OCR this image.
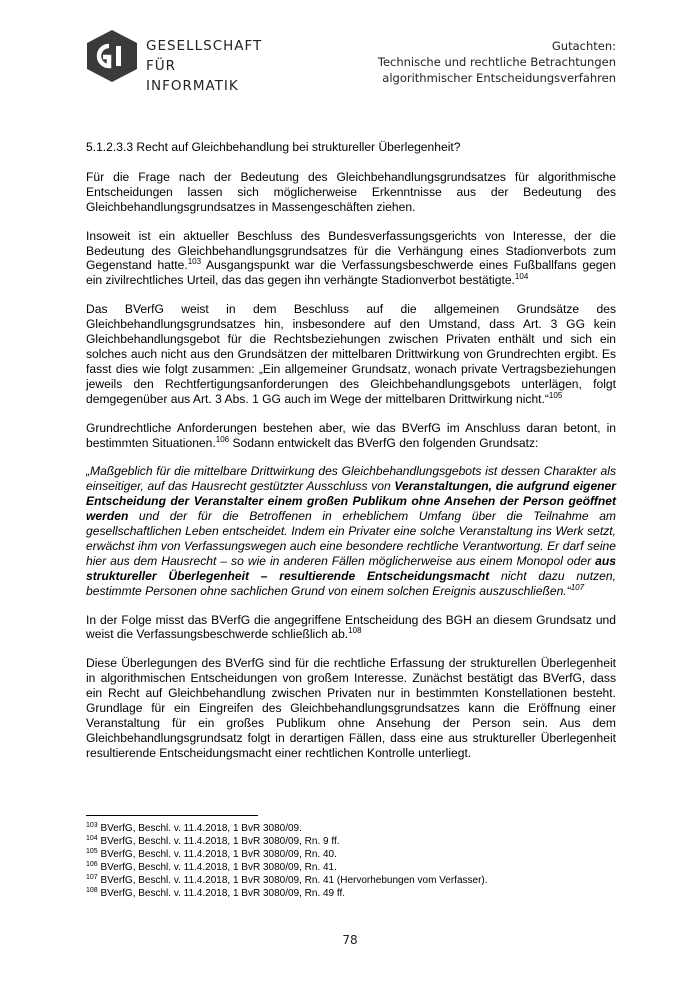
GESELLSCHAFT
FÜR INFORMATIK
Gutachten:
Technische und rechtliche Betrachtungen
algorithmischer Entscheidungsverfahren
5.1.2.3.3 Recht auf Gleichbehandlung bei struktureller Überlegenheit?

Für die Frage nach der Bedeutung des Gleichbehandlungsgrundsatzes für algorithmische Entscheidungen lassen sich möglicherweise Erkenntnisse aus der Bedeutung des Gleichbehandlungsgrundsatzes in Massengeschäften ziehen.

Insoweit ist ein aktueller Beschluss des Bundesverfassungsgerichts von Interesse, der die Bedeutung des Gleichbehandlungsgrundsatzes für die Verhängung eines Stadionverbots zum Gegenstand hatte.$^{103}$ Ausgangspunkt war die Verfassungsbeschwerde eines Fußballfans gegen ein zivilrechtliches Urteil, das das gegen ihn verhängte Stadionverbot bestätigte.$^{104}$

Das BVerfG weist in dem Beschluss auf die allgemeinen Grundsätze des Gleichbehandlungsgrundsatzes hin, insbesondere auf den Umstand, dass Art. 3 GG kein Gleichbehandlungsgebot für die Rechtsbeziehungen zwischen Privaten enthält und sich ein solches auch nicht aus den Grundsätzen der mittelbaren Drittwirkung von Grundrechten ergibt. Es fasst dies wie folgt zusammen: „Ein allgemeiner Grundsatz, wonach private Vertragsbeziehungen jeweils den Rechtfertigungsanforderungen des Gleichbehandlungsgebots unterlägen, folgt demgegenüber aus Art. 3 Abs. 1 GG auch im Wege der mittelbaren Drittwirkung nicht.“$^{105}$

Grundrechtliche Anforderungen bestehen aber, wie das BVerfG im Anschluss daran betont, in bestimmten Situationen.$^{106}$ Sodann entwickelt das BVerfG den folgenden Grundsatz:

„Maßgeblich für die mittelbare Drittwirkung des Gleichbehandlungsgebots ist dessen Charakter als einseitiger, auf das Hausrecht gestützter Ausschluss von Veranstaltungen, die aufgrund eigener Entscheidung der Veranstalter einem großen Publikum ohne Ansehen der Person geöffnet werden und der für die Betroffenen in erheblichem Umfang über die Teilnahme am gesellschaftlichen Leben entscheidet. Indem ein Privater eine solche Veranstaltung ins Werk setzt, erwächst ihm von Verfassungswegen auch eine besondere rechtliche Verantwortung. Er darf seine hier aus dem Hausrecht – so wie in anderen Fällen möglicherweise aus einem Monopol oder aus struktureller Überlegenheit – resultierende Entscheidungsmacht nicht dazu nutzen, bestimmte Personen ohne sachlichen Grund von einem solchen Ereignis auszuschließen.“$^{107}$

In der Folge misst das BVerfG die angegriffene Entscheidung des BGH an diesem Grundsatz und weist die Verfassungsbeschwerde schließlich ab.$^{108}$

Diese Überlegungen des BVerfG sind für die rechtliche Erfassung der strukturellen Überlegenheit in algorithmischen Entscheidungen von großem Interesse. Zunächst bestätigt das BVerfG, dass ein Recht auf Gleichbehandlung zwischen Privaten nur in bestimmten Konstellationen besteht. Grundlage für ein Eingreifen des Gleichbehandlungsgrundsatzes kann die Eröffnung einer Veranstaltung für ein großes Publikum ohne Ansehung der Person sein. Aus dem Gleichbehandlungsgrundsatz folgt in derartigen Fällen, dass eine aus struktureller Überlegenheit resultierende Entscheidungsmacht einer rechtlichen Kontrolle unterliegt.

$^{103}$ BVerfG, Beschl. v. 11.4.2018, 1 BvR 3080/09.
$^{104}$ BVerfG, Beschl. v. 11.4.2018, 1 BvR 3080/09, Rn. 9 ff.
$^{105}$ BVerfG, Beschl. v. 11.4.2018, 1 BvR 3080/09, Rn. 40.
$^{106}$ BVerfG, Beschl. v. 11.4.2018, 1 BvR 3080/09, Rn. 41.
$^{107}$ BVerfG, Beschl. v. 11.4.2018, 1 BvR 3080/09, Rn. 41 (Hervorhebungen vom Verfasser).
$^{108}$ BVerfG, Beschl. v. 11.4.2018, 1 BvR 3080/09, Rn. 49 ff.
78
